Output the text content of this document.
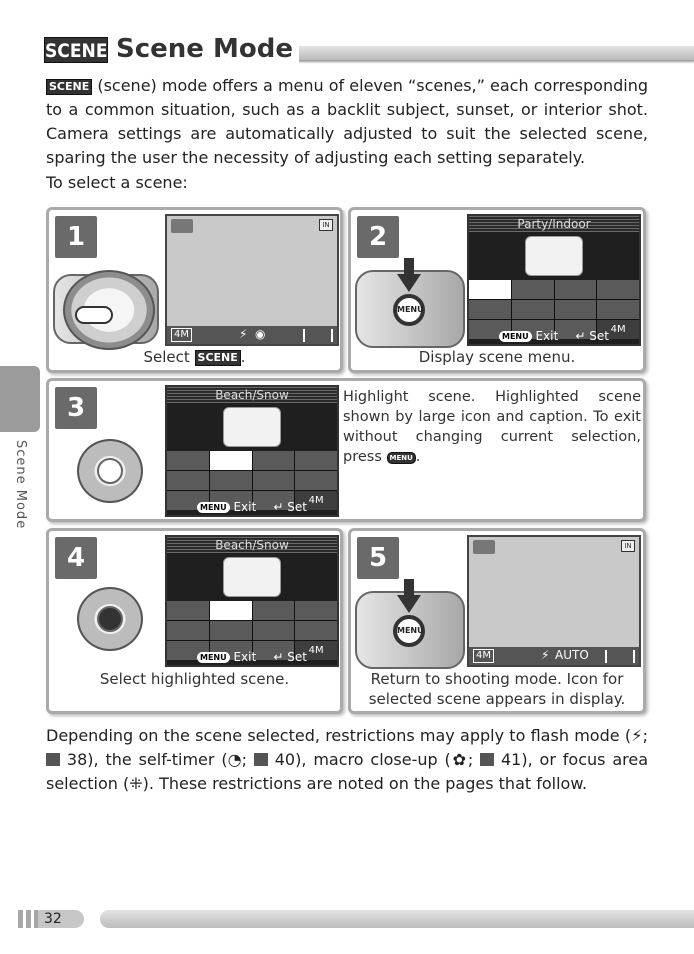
SCENE Scene Mode
SCENE (scene) mode offers a menu of eleven “scenes,” each corresponding to a common situation, such as a backlit subject, sunset, or interior shot. Camera settings are automatically adjusted to suit the selected scene, sparing the user the necessity of adjusting each setting separately.
To select a scene:
Scene Mode
1	IN
4M	⚡ ◉
Select SCENE .
2
MENU
Party/Indoor
4M
MENU Exit ↵ Set
Display scene menu.
3	Beach/Snow
4M
MENU Exit ↵ Set
Highlight scene. Highlighted scene shown by large icon and caption. To exit without changing current selection, press MENU .
4	Beach/Snow
4M
MENU Exit ↵ Set
Select highlighted scene.
5
MENU
IN
4M	⚡ AUTO
Return to shooting mode. Icon for selected scene appears in display.
Depending on the scene selected, restrictions may apply to flash mode (⚡;  38), the self-timer (◔;  40), macro close-up (✿;  41), or focus area selection (⁜). These restrictions are noted on the pages that follow.
32
